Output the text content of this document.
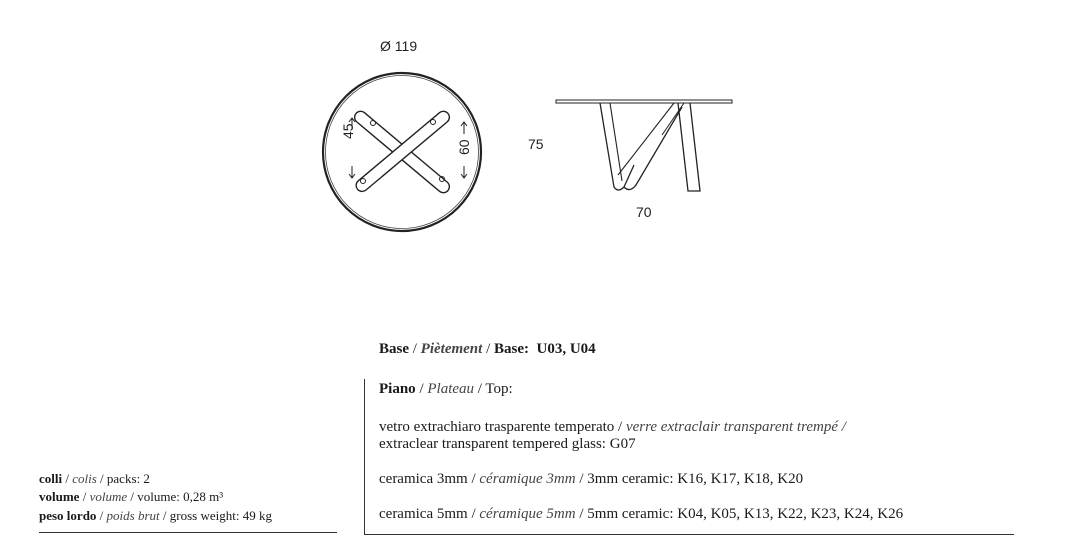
Ø 119
45
60	75
70
Base / Piètement / Base: U03, U04
Piano / Plateau / Top:
vetro extrachiaro trasparente temperato / verre extraclair transparent trempé /
extraclear transparent tempered glass: G07
ceramica 3mm / céramique 3mm / 3mm ceramic: K16, K17, K18, K20
ceramica 5mm / céramique 5mm / 5mm ceramic: K04, K05, K13, K22, K23, K24, K26
colli / colis / packs: 2
volume / volume / volume: 0,28 m³
peso lordo / poids brut / gross weight: 49 kg
